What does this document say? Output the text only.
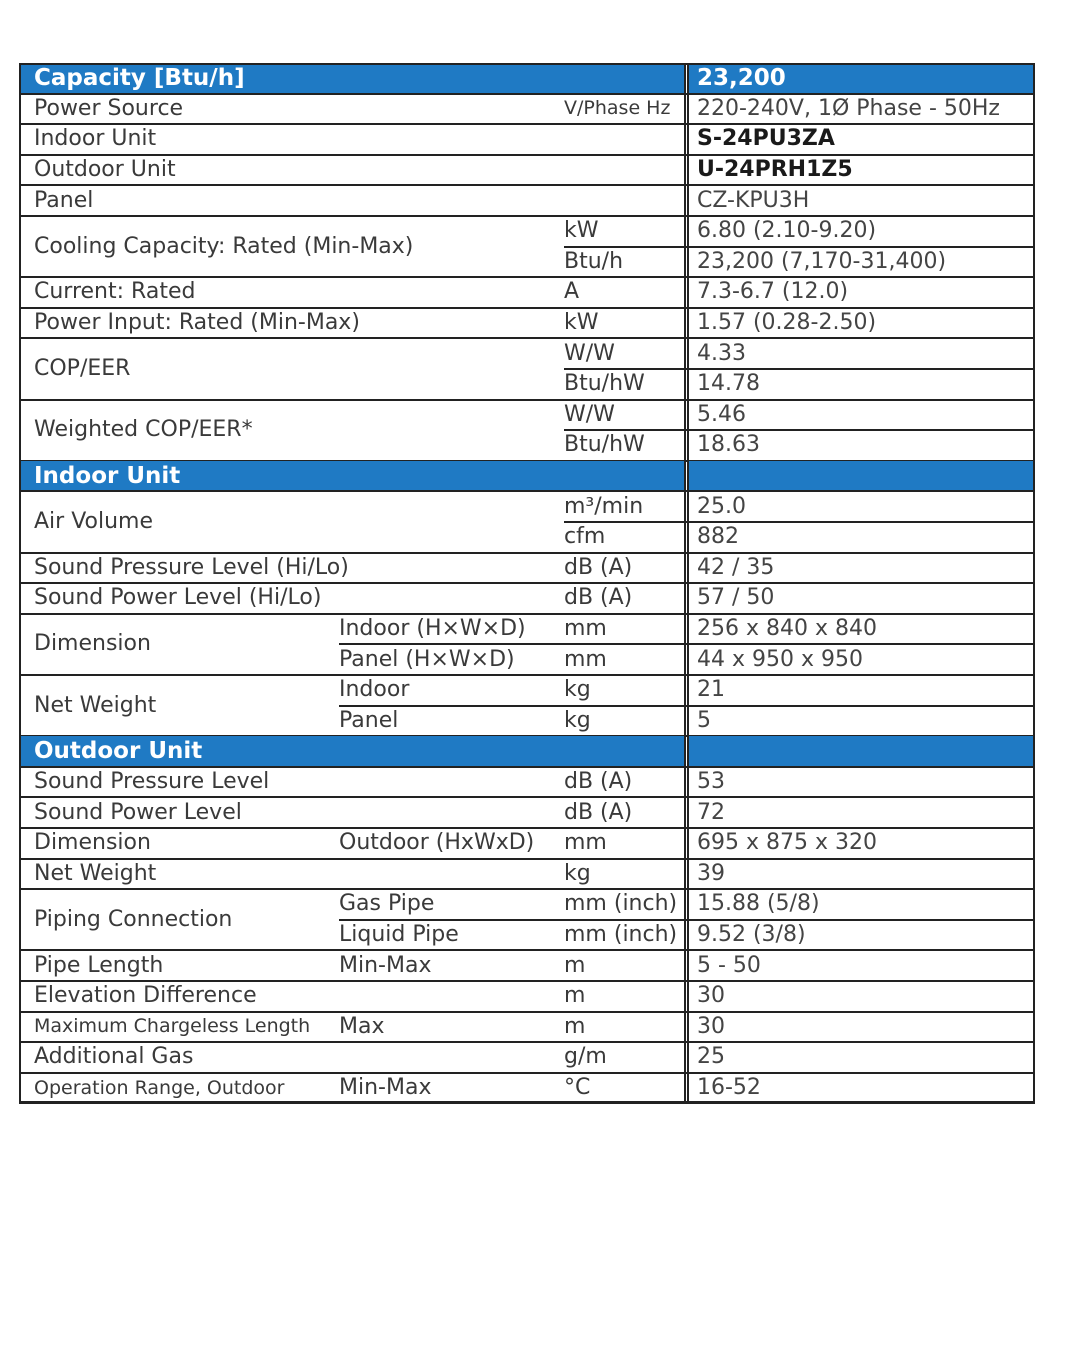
Capacity [Btu/h]	23,200
Power Source	V/Phase Hz	220-240V, 1Ø Phase - 50Hz
Indoor Unit	S-24PU3ZA
Outdoor Unit	U-24PRH1Z5
Panel	CZ-KPU3H
Cooling Capacity: Rated (Min-Max)
kW	6.80 (2.10-9.20)
Btu/h	23,200 (7,170-31,400)
Current: Rated	A	7.3-6.7 (12.0)
Power Input: Rated (Min-Max)	kW	1.57 (0.28-2.50)
COP/EER
W/W	4.33
Btu/hW	14.78
Weighted COP/EER*
W/W	5.46
Btu/hW	18.63
Indoor Unit
Air Volume
m³/min	25.0
cfm	882
Sound Pressure Level (Hi/Lo)	dB (A)	42 / 35
Sound Power Level (Hi/Lo)	dB (A)	57 / 50
Dimension
Indoor (H×W×D)	mm	256 x 840 x 840
Panel (H×W×D)	mm	44 x 950 x 950
Net Weight
Indoor	kg	21
Panel	kg	5
Outdoor Unit
Sound Pressure Level	dB (A)	53
Sound Power Level	dB (A)	72
Dimension	Outdoor (HxWxD)	mm	695 x 875 x 320
Net Weight	kg	39
Piping Connection
Gas Pipe	mm (inch) 15.88 (5/8)
Liquid Pipe	mm (inch) 9.52 (3/8)
Pipe Length	Min-Max	m	5 - 50
Elevation Difference	m	30
Maximum Chargeless Length	Max	m	30
Additional Gas	g/m	25
Operation Range, Outdoor	Min-Max	°C	16-52
